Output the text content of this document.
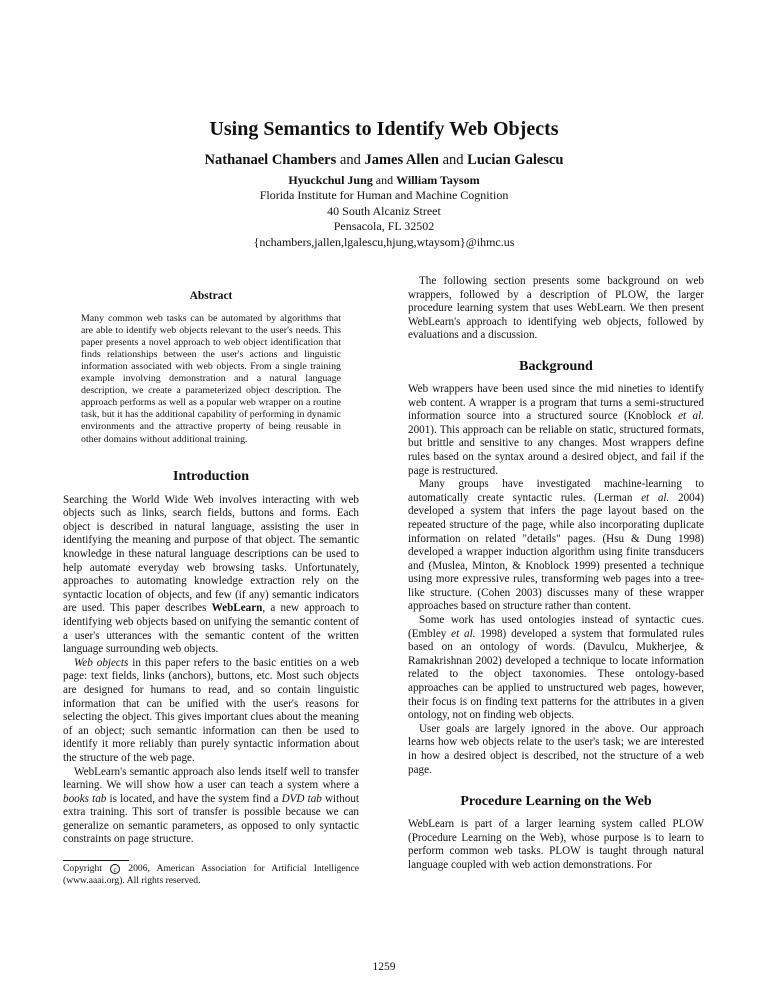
Using Semantics to Identify Web Objects
Nathanael Chambers and James Allen and Lucian Galescu
Hyuckchul Jung and William Taysom
Florida Institute for Human and Machine Cognition
40 South Alcaniz Street
Pensacola, FL 32502
{nchambers,jallen,lgalescu,hjung,wtaysom}@ihmc.us
Abstract
Many common web tasks can be automated by algorithms that are able to identify web objects relevant to the user's needs. This paper presents a novel approach to web object identification that finds relationships between the user's actions and linguistic information associated with web objects. From a single training example involving demonstration and a natural language description, we create a parameterized object description. The approach performs as well as a popular web wrapper on a routine task, but it has the additional capability of performing in dynamic environments and the attractive property of being reusable in other domains without additional training.
Introduction

Searching the World Wide Web involves interacting with web objects such as links, search fields, buttons and forms. Each object is described in natural language, assisting the user in identifying the meaning and purpose of that object. The semantic knowledge in these natural language descriptions can be used to help automate everyday web browsing tasks. Unfortunately, approaches to automating knowledge extraction rely on the syntactic location of objects, and few (if any) semantic indicators are used. This paper describes WebLearn, a new approach to identifying web objects based on unifying the semantic content of a user's utterances with the semantic content of the written language surrounding web objects.

Web objects in this paper refers to the basic entities on a web page: text fields, links (anchors), buttons, etc. Most such objects are designed for humans to read, and so contain linguistic information that can be unified with the user's reasons for selecting the object. This gives important clues about the meaning of an object; such semantic information can then be used to identify it more reliably than purely syntactic information about the structure of the web page.

WebLearn's semantic approach also lends itself well to transfer learning. We will show how a user can teach a system where a books tab is located, and have the system find a DVD tab without extra training. This sort of transfer is possible because we can generalize on semantic parameters, as opposed to only syntactic constraints on page structure.

Copyright c 2006, American Association for Artificial Intelligence (www.aaai.org). All rights reserved.

The following section presents some background on web wrappers, followed by a description of PLOW, the larger procedure learning system that uses WebLearn. We then present WebLearn's approach to identifying web objects, followed by evaluations and a discussion.

Background

Web wrappers have been used since the mid nineties to identify web content. A wrapper is a program that turns a semi-structured information source into a structured source (Knoblock et al. 2001). This approach can be reliable on static, structured formats, but brittle and sensitive to any changes. Most wrappers define rules based on the syntax around a desired object, and fail if the page is restructured.

Many groups have investigated machine-learning to automatically create syntactic rules. (Lerman et al. 2004) developed a system that infers the page layout based on the repeated structure of the page, while also incorporating duplicate information on related "details" pages. (Hsu & Dung 1998) developed a wrapper induction algorithm using finite transducers and (Muslea, Minton, & Knoblock 1999) presented a technique using more expressive rules, transforming web pages into a tree-like structure. (Cohen 2003) discusses many of these wrapper approaches based on structure rather than content.

Some work has used ontologies instead of syntactic cues. (Embley et al. 1998) developed a system that formulated rules based on an ontology of words. (Davulcu, Mukherjee, & Ramakrishnan 2002) developed a technique to locate information related to the object taxonomies. These ontology-based approaches can be applied to unstructured web pages, however, their focus is on finding text patterns for the attributes in a given ontology, not on finding web objects.

User goals are largely ignored in the above. Our approach learns how web objects relate to the user's task; we are interested in how a desired object is described, not the structure of a web page.

Procedure Learning on the Web

WebLearn is part of a larger learning system called PLOW (Procedure Learning on the Web), whose purpose is to learn to perform common web tasks. PLOW is taught through natural language coupled with web action demonstrations. For

1259
